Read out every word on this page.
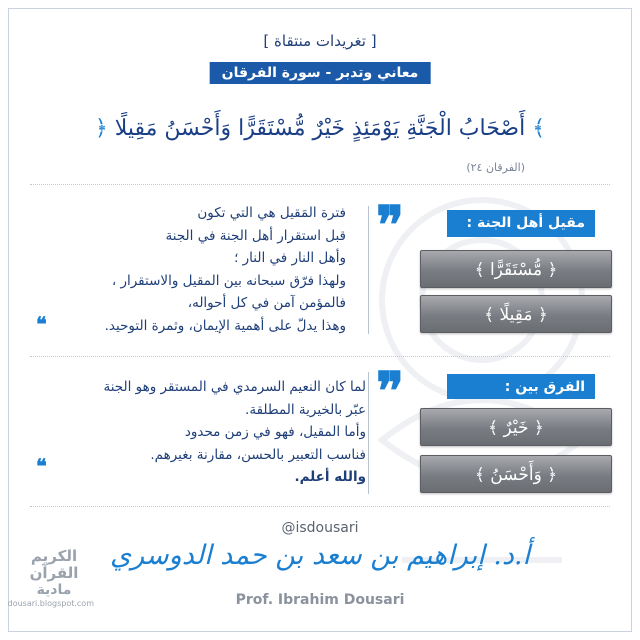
[ تغريدات منتقاة ]
معاني وتدبر - سورة الفرقان
﴾ أَصْحَابُ الْجَنَّةِ يَوْمَئِذٍ خَيْرٌ مُّسْتَقَرًّا وَأَحْسَنُ مَقِيلًا ﴿
(الفرقان ٢٤)
❞	مقيل أهل الجنة :
﴿ مُّسْتَقَرًّا ﴾
﴿ مَقِيلًا ﴾
فترة المَقيل هي التي تكون
قبل استقرار أهل الجنة في الجنة
وأهل النار في النار ؛
ولهذا فرّق سبحانه بين المقيل والاستقرار ،
فالمؤمن آمن في كل أحواله،
وهذا يدلّ على أهمية الإيمان، وثمرة التوحيد.
❝
❞	الفرق بين :
﴿ خَيْرٌ ﴾
﴿ وَأَحْسَنُ ﴾
لما كان النعيم السرمدي في المستقر وهو الجنة
عبّر بالخيرية المطلقة.
وأما المقيل، فهو في زمن محدود
فناسب التعبير بالحسن، مقارنة بغيرهم.
والله أعلم.
❝
@isdousari
أ.د. إبراهيم بن سعد بن حمد الدوسري
Prof. Ibrahim Dousari
الكريم
القرآن
مادية
dousari.blogspot.com
